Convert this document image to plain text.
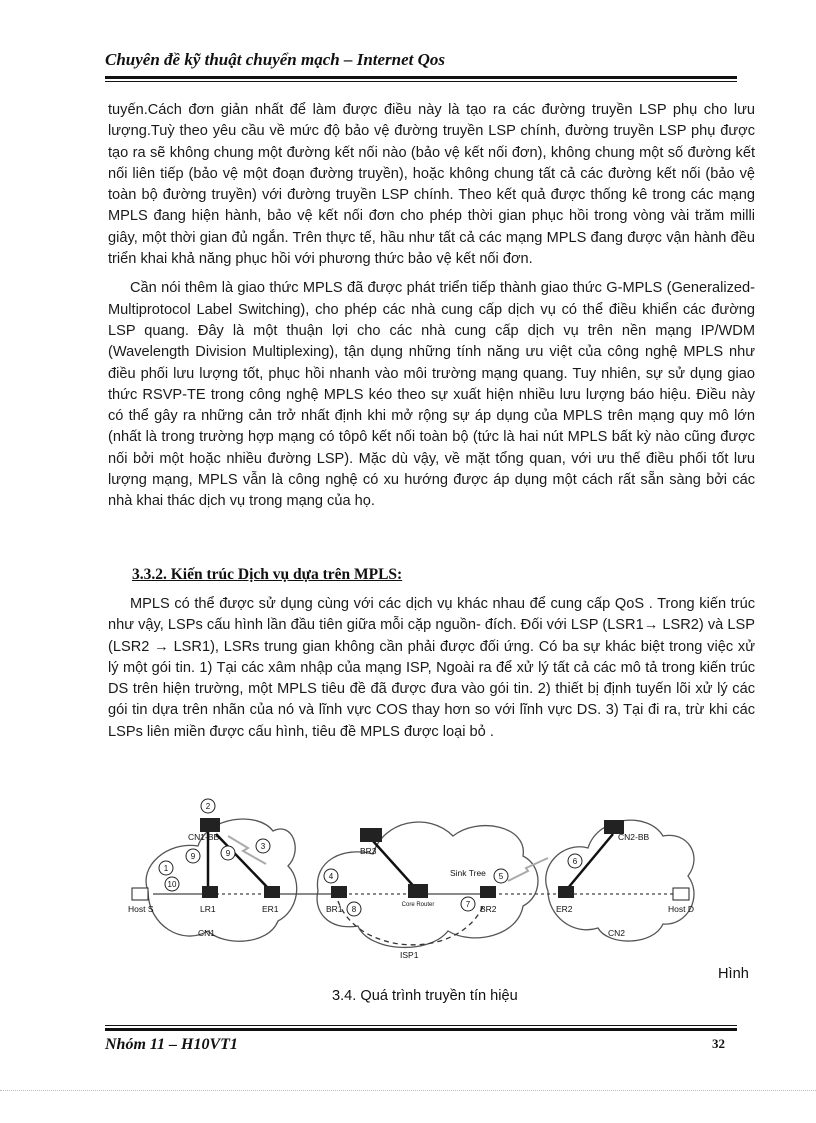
Chuyên đề kỹ thuật chuyển mạch – Internet Qos

tuyến.Cách đơn giản nhất để làm được điều này là tạo ra các đường truyền LSP phụ cho lưu lượng.Tuỳ theo yêu cầu về mức độ bảo vệ đường truyền LSP chính, đường truyền LSP phụ được tạo ra sẽ không chung một đường kết nối nào (bảo vệ kết nối đơn), không chung một số đường kết nối liên tiếp (bảo vệ một đoạn đường truyền), hoặc không chung tất cả các đường kết nối (bảo vệ toàn bộ đường truyền) với đường truyền LSP chính. Theo kết quả được thống kê trong các mạng MPLS đang hiện hành, bảo vệ kết nối đơn cho phép thời gian phục hồi trong vòng vài trăm milli giây, một thời gian đủ ngắn. Trên thực tế, hầu như tất cả các mạng MPLS đang được vận hành đều triển khai khả năng phục hồi với phương thức bảo vệ kết nối đơn.

Cần nói thêm là giao thức MPLS đã được phát triển tiếp thành giao thức G-MPLS (Generalized-Multiprotocol Label Switching), cho phép các nhà cung cấp dịch vụ có thể điều khiển các đường LSP quang. Đây là một thuận lợi cho các nhà cung cấp dịch vụ trên nền mạng IP/WDM (Wavelength Division Multiplexing), tận dụng những tính năng ưu việt của công nghệ MPLS như điều phối lưu lượng tốt, phục hồi nhanh vào môi trường mạng quang. Tuy nhiên, sự sử dụng giao thức RSVP-TE trong công nghệ MPLS kéo theo sự xuất hiện nhiều lưu lượng báo hiệu. Điều này có thể gây ra những cản trở nhất định khi mở rộng sự áp dụng của MPLS trên mạng quy mô lớn (nhất là trong trường hợp mạng có tôpô kết nối toàn bộ (tức là hai nút MPLS bất kỳ nào cũng được nối bởi một hoặc nhiều đường LSP). Mặc dù vậy, về mặt tổng quan, với ưu thế điều phối tốt lưu lượng mạng, MPLS vẫn là công nghệ có xu hướng được áp dụng một cách rất sẵn sàng bởi các nhà khai thác dịch vụ trong mạng của họ.

3.3.2. Kiến trúc Dịch vụ dựa trên MPLS:

MPLS có thể được sử dụng cùng với các dịch vụ khác nhau để cung cấp QoS . Trong kiến trúc như vậy, LSPs cấu hình lần đầu tiên giữa mỗi cặp nguồn- đích. Đối với LSP (LSR1→ LSR2) và LSP (LSR2 → LSR1), LSRs trung gian không cần phải được đối ứng. Có ba sự khác biệt trong việc xử lý một gói tin. 1) Tại các xâm nhập của mạng ISP, Ngoài ra để xử lý tất cả các mô tả trong kiến trúc DS trên hiện trường, một MPLS tiêu đề đã được đưa vào gói tin. 2) thiết bị định tuyến lõi xử lý các gói tin dựa trên nhãn của nó và lĩnh vực COS thay hơn so với lĩnh vực DS. 3) Tại đi ra, trừ khi các LSPs liên miền được cấu hình, tiêu đề MPLS được loại bỏ .

1
2
3
4	5
6
7
8
9	9
10
Host S	LR1	ER1
CN1
CN1-BB
BR3
BR1	BR2
Sink Tree
ISP1
ER2
CN2-BB
Host D
CN2
Core Router
Hình
3.4. Quá trình truyền tín hiệu
Nhóm 11 – H10VT1	32
